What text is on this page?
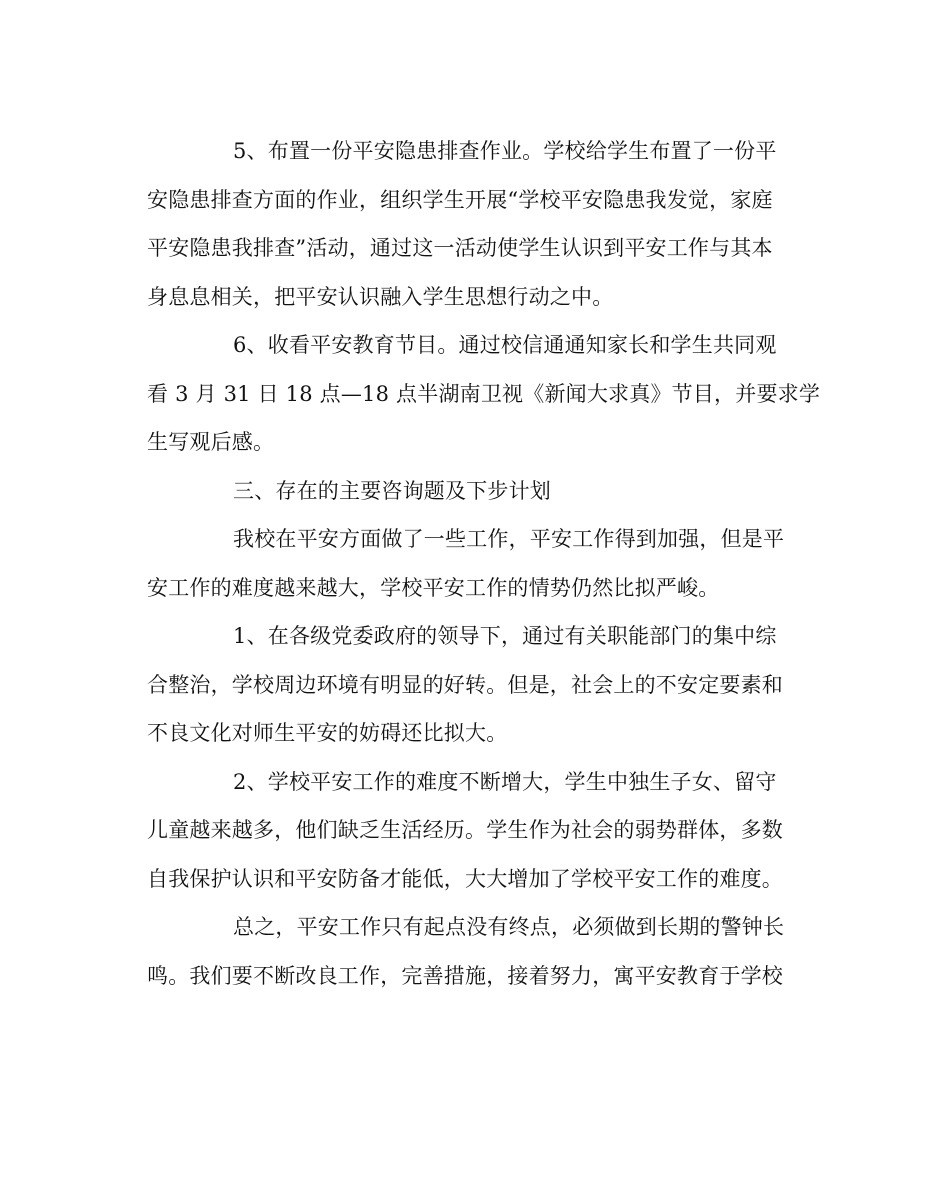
5、布置一份平安隐患排查作业。学校给学生布置了一份平
安隐患排查方面的作业，组织学生开展“学校平安隐患我发觉，家庭
平安隐患我排查”活动，通过这一活动使学生认识到平安工作与其本
身息息相关，把平安认识融入学生思想行动之中。

6、收看平安教育节目。通过校信通通知家长和学生共同观
看 3 月 31 日 18 点—18 点半湖南卫视《新闻大求真》节目，并要求学
生写观后感。

三、存在的主要咨询题及下步计划

我校在平安方面做了一些工作，平安工作得到加强，但是平
安工作的难度越来越大，学校平安工作的情势仍然比拟严峻。

1、在各级党委政府的领导下，通过有关职能部门的集中综
合整治，学校周边环境有明显的好转。但是，社会上的不安定要素和
不良文化对师生平安的妨碍还比拟大。

2、学校平安工作的难度不断增大，学生中独生子女、留守
儿童越来越多，他们缺乏生活经历。学生作为社会的弱势群体，多数
自我保护认识和平安防备才能低，大大增加了学校平安工作的难度。

总之，平安工作只有起点没有终点，必须做到长期的警钟长
鸣。我们要不断改良工作，完善措施，接着努力，寓平安教育于学校
